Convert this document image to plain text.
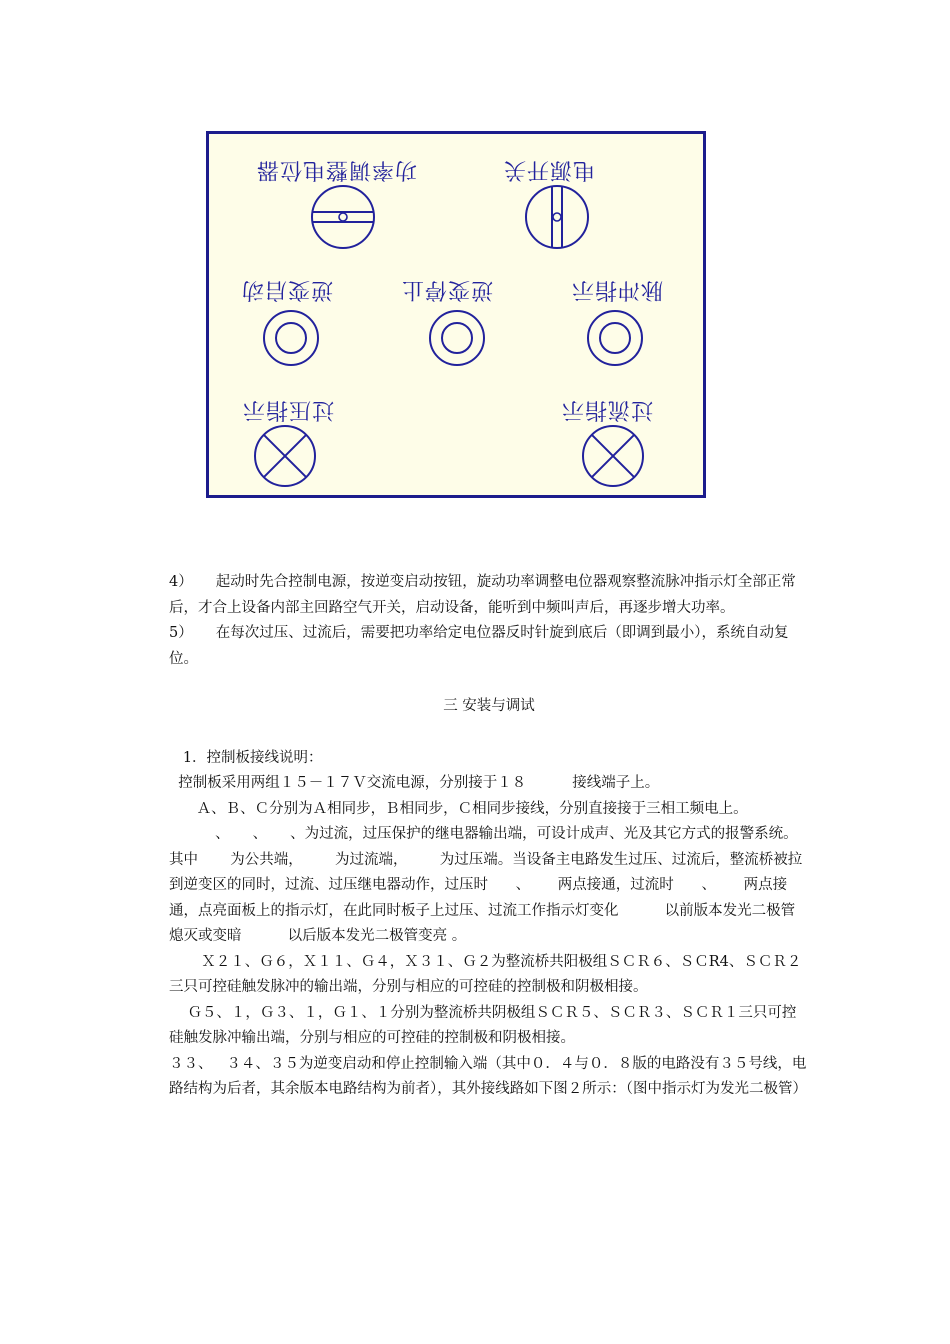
功率调整电位器	电源开关
逆变启动	逆变停止	脉冲指示
过压指示	过流指示

4）     起动时先合控制电源，按逆变启动按钮，旋动功率调整电位器观察整流脉冲指示灯全部正常后，才合上设备内部主回路空气开关，启动设备，能听到中频叫声后，再逐步增大功率。

5）     在每次过压、过流后，需要把功率给定电位器反时针旋到底后（即调到最小），系统自动复位。

三 安装与调试

1．控制板接线说明：

控制板采用两组１５－１７Ｖ交流电源，分别接于１８          接线端子上。

Ａ、Ｂ、Ｃ分别为Ａ相同步，Ｂ相同步，Ｃ相同步接线，分别直接接于三相工频电上。

、     、     、为过流，过压保护的继电器输出端，可设计成声、光及其它方式的报警系统。其中       为公共端，       为过流端，       为过压端。当设备主电路发生过压、过流后，整流桥被拉到逆变区的同时，过流、过压继电器动作，过压时      、      两点接通，过流时      、      两点接通，点亮面板上的指示灯，在此同时板子上过压、过流工作指示灯变化          以前版本发光二极管熄灭或变暗          以后版本发光二极管变亮 。

Ｘ２１、Ｇ６，Ｘ１１、Ｇ４，Ｘ３１、Ｇ２为整流桥共阳极组ＳＣＲ６、ＳＣR4、ＳＣＲ２三只可控硅触发脉冲的输出端，分别与相应的可控硅的控制极和阴极相接。

Ｇ５、１，Ｇ３、１，Ｇ１、１分别为整流桥共阴极组ＳＣＲ５、ＳＣＲ３、ＳＣＲ１三只可控硅触发脉冲输出端，分别与相应的可控硅的控制极和阴极相接。

３３、   ３４、３５为逆变启动和停止控制输入端（其中０．４与０．８版的电路没有３５号线，电路结构为后者，其余版本电路结构为前者），其外接线路如下图２所示：（图中指示灯为发光二极管）
